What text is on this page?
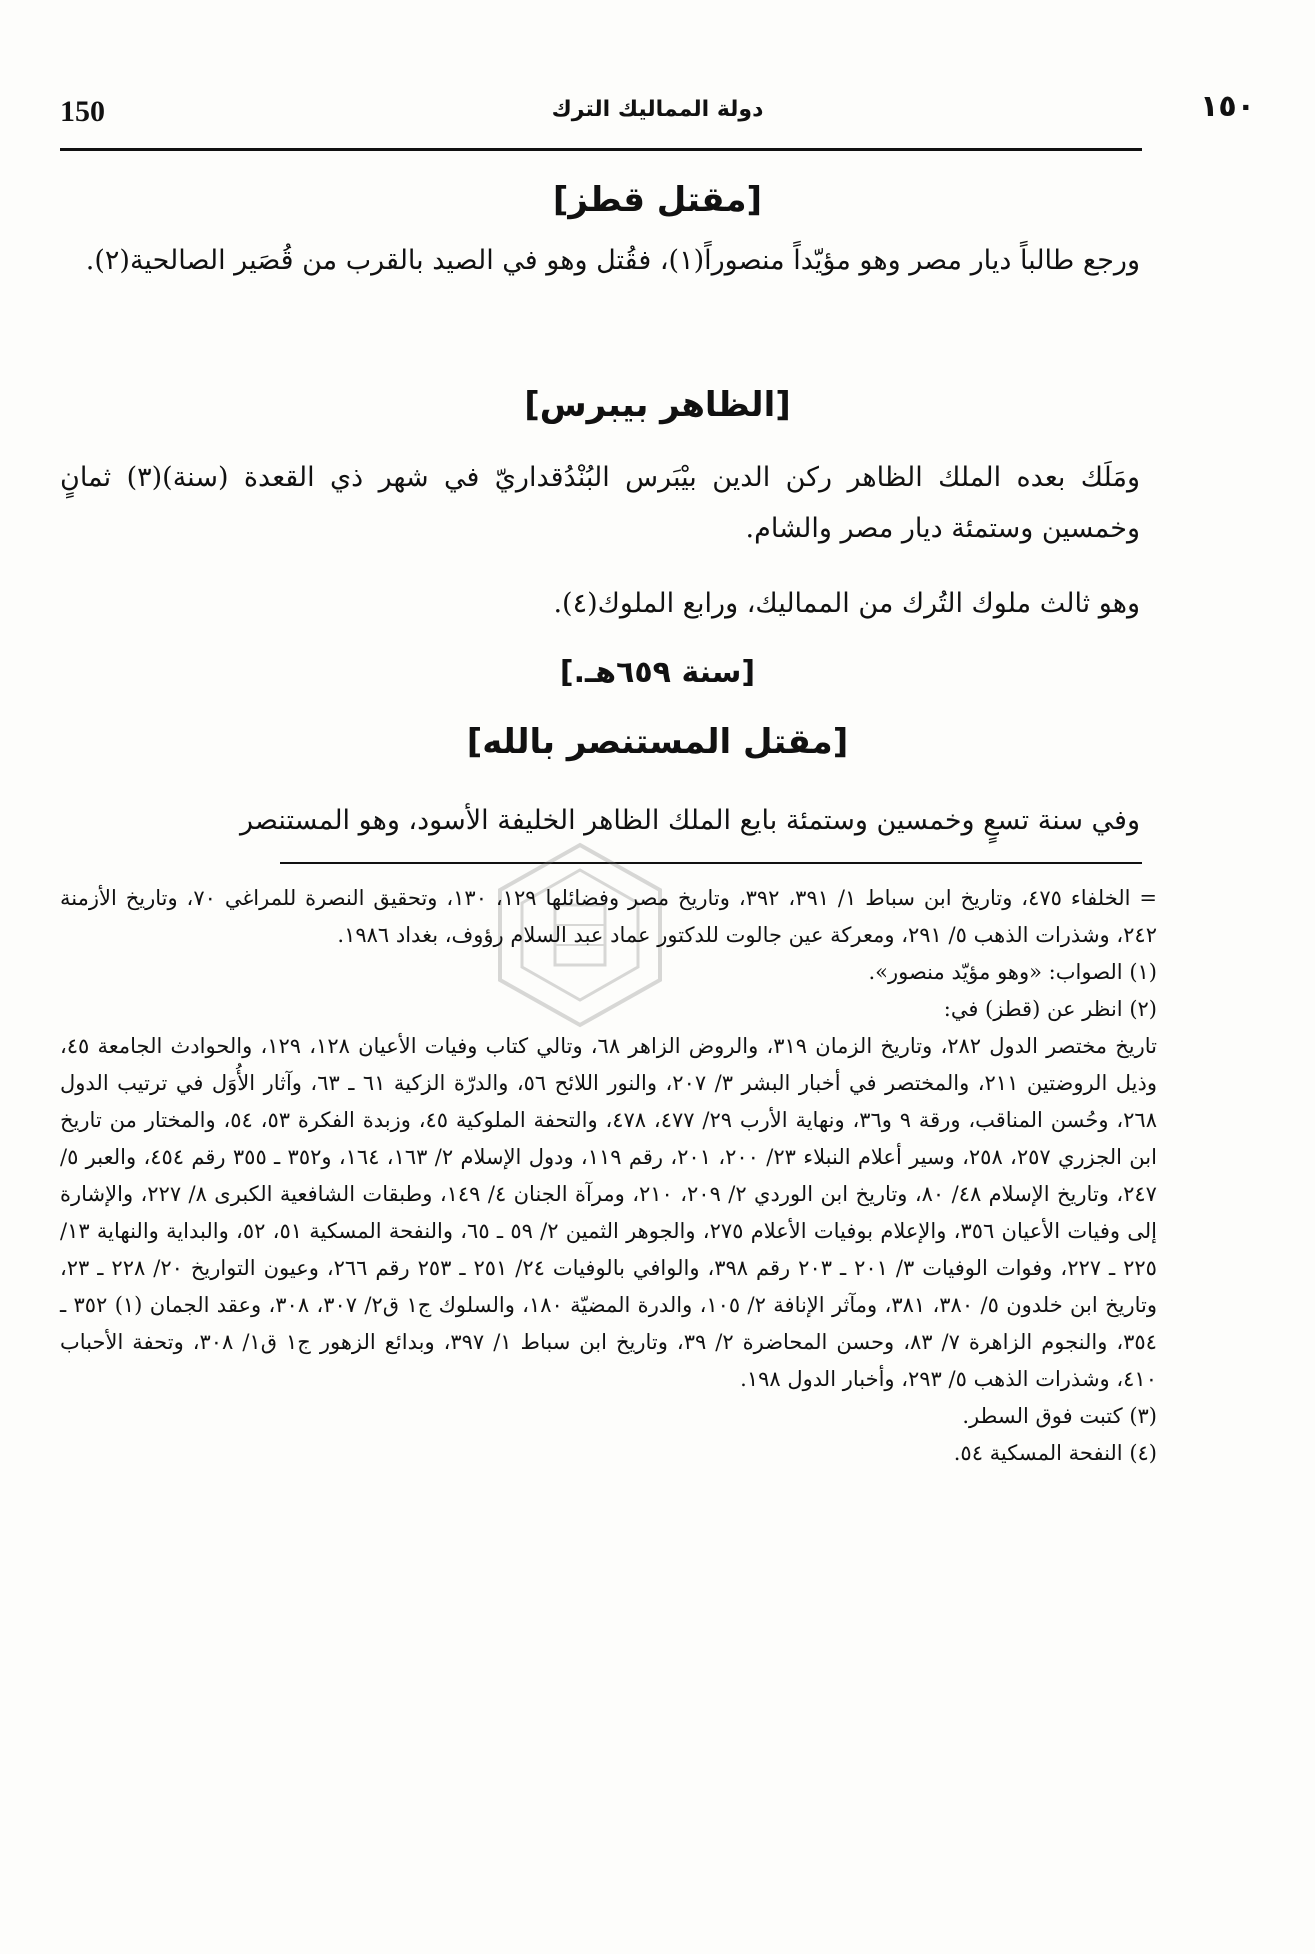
150	دولة المماليك الترك	١٥٠
[مقتل قطز]
ورجع طالباً ديار مصر وهو مؤيّداً منصوراً(١)، فقُتل وهو في الصيد بالقرب من قُصَير الصالحية(٢).
[الظاهر بيبرس]
ومَلَك بعده الملك الظاهر ركن الدين بيْبَرس البُنْدُقداريّ في شهر ذي القعدة (سنة)(٣) ثمانٍ وخمسين وستمئة ديار مصر والشام.
وهو ثالث ملوك التُرك من المماليك، ورابع الملوك(٤).
[سنة ٦٥٩هـ.]
[مقتل المستنصر بالله]
وفي سنة تسعٍ وخمسين وستمئة بايع الملك الظاهر الخليفة الأسود، وهو المستنصر

= الخلفاء ٤٧٥، وتاريخ ابن سباط ١/ ٣٩١، ٣٩٢، وتاريخ مصر وفضائلها ١٢٩، ١٣٠، وتحقيق النصرة للمراغي ٧٠، وتاريخ الأزمنة ٢٤٢، وشذرات الذهب ٥/ ٢٩١، ومعركة عين جالوت للدكتور عماد عبد السلام رؤوف، بغداد ١٩٨٦.

(١) الصواب: «وهو مؤيّد منصور».

(٢) انظر عن (قطز) في:

تاريخ مختصر الدول ٢٨٢، وتاريخ الزمان ٣١٩، والروض الزاهر ٦٨، وتالي كتاب وفيات الأعيان ١٢٨، ١٢٩، والحوادث الجامعة ٤٥، وذيل الروضتين ٢١١، والمختصر في أخبار البشر ٣/ ٢٠٧، والنور اللائح ٥٦، والدرّة الزكية ٦١ ـ ٦٣، وآثار الأُوَل في ترتيب الدول ٢٦٨، وحُسن المناقب، ورقة ٩ و٣٦، ونهاية الأرب ٢٩/ ٤٧٧، ٤٧٨، والتحفة الملوكية ٤٥، وزبدة الفكرة ٥٣، ٥٤، والمختار من تاريخ ابن الجزري ٢٥٧، ٢٥٨، وسير أعلام النبلاء ٢٣/ ٢٠٠، ٢٠١، رقم ١١٩، ودول الإسلام ٢/ ١٦٣، ١٦٤، و٣٥٢ ـ ٣٥٥ رقم ٤٥٤، والعبر ٥/ ٢٤٧، وتاريخ الإسلام ٤٨/ ٨٠، وتاريخ ابن الوردي ٢/ ٢٠٩، ٢١٠، ومرآة الجنان ٤/ ١٤٩، وطبقات الشافعية الكبرى ٨/ ٢٢٧، والإشارة إلى وفيات الأعيان ٣٥٦، والإعلام بوفيات الأعلام ٢٧٥، والجوهر الثمين ٢/ ٥٩ ـ ٦٥، والنفحة المسكية ٥١، ٥٢، والبداية والنهاية ١٣/ ٢٢٥ ـ ٢٢٧، وفوات الوفيات ٣/ ٢٠١ ـ ٢٠٣ رقم ٣٩٨، والوافي بالوفيات ٢٤/ ٢٥١ ـ ٢٥٣ رقم ٢٦٦، وعيون التواريخ ٢٠/ ٢٢٨ ـ ٢٣، وتاريخ ابن خلدون ٥/ ٣٨٠، ٣٨١، ومآثر الإنافة ٢/ ١٠٥، والدرة المضيّة ١٨٠، والسلوك ج١ ق٢/ ٣٠٧، ٣٠٨، وعقد الجمان (١) ٣٥٢ ـ ٣٥٤، والنجوم الزاهرة ٧/ ٨٣، وحسن المحاضرة ٢/ ٣٩، وتاريخ ابن سباط ١/ ٣٩٧، وبدائع الزهور ج١ ق١/ ٣٠٨، وتحفة الأحباب ٤١٠، وشذرات الذهب ٥/ ٢٩٣، وأخبار الدول ١٩٨.

(٣) كتبت فوق السطر.

(٤) النفحة المسكية ٥٤.
